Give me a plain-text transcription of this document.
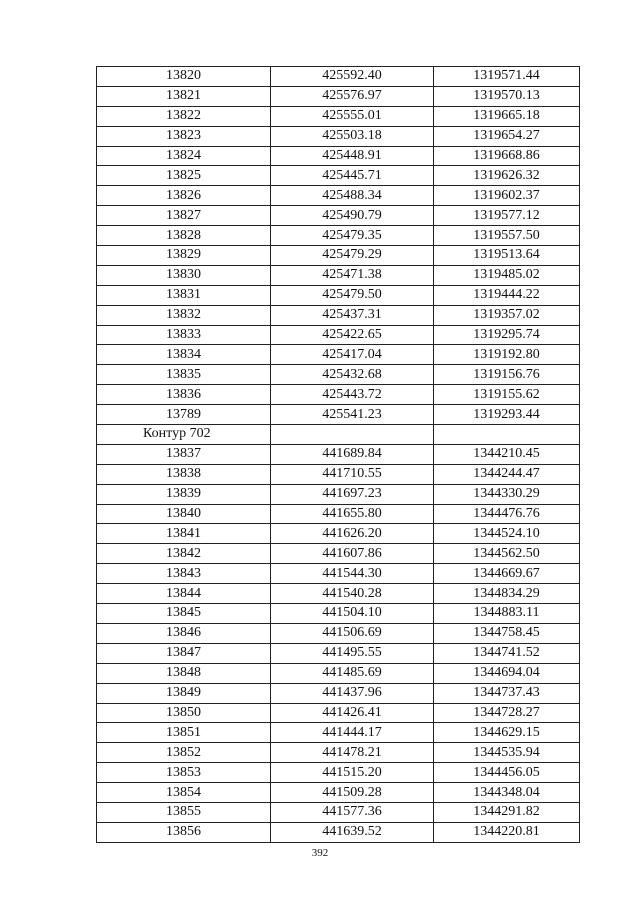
13820	425592.40	1319571.44
13821	425576.97	1319570.13
13822	425555.01	1319665.18
13823	425503.18	1319654.27
13824	425448.91	1319668.86
13825	425445.71	1319626.32
13826	425488.34	1319602.37
13827	425490.79	1319577.12
13828	425479.35	1319557.50
13829	425479.29	1319513.64
13830	425471.38	1319485.02
13831	425479.50	1319444.22
13832	425437.31	1319357.02
13833	425422.65	1319295.74
13834	425417.04	1319192.80
13835	425432.68	1319156.76
13836	425443.72	1319155.62
13789	425541.23	1319293.44
Контур 702		
13837	441689.84	1344210.45
13838	441710.55	1344244.47
13839	441697.23	1344330.29
13840	441655.80	1344476.76
13841	441626.20	1344524.10
13842	441607.86	1344562.50
13843	441544.30	1344669.67
13844	441540.28	1344834.29
13845	441504.10	1344883.11
13846	441506.69	1344758.45
13847	441495.55	1344741.52
13848	441485.69	1344694.04
13849	441437.96	1344737.43
13850	441426.41	1344728.27
13851	441444.17	1344629.15
13852	441478.21	1344535.94
13853	441515.20	1344456.05
13854	441509.28	1344348.04
13855	441577.36	1344291.82
13856	441639.52	1344220.81
392
